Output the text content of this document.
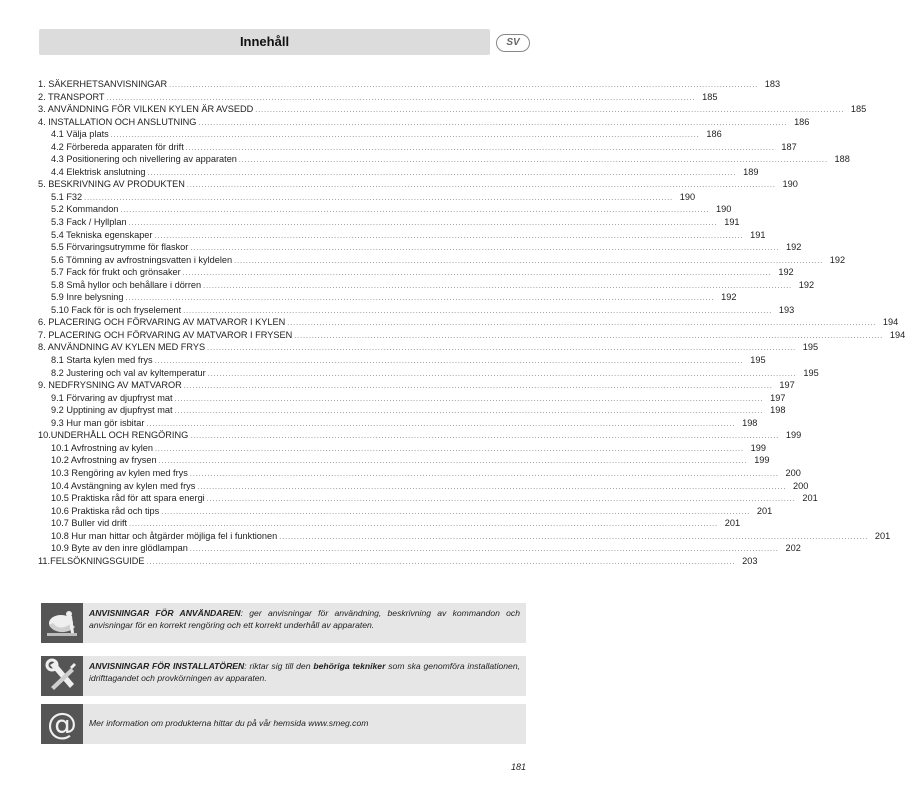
Innehåll	SV
1. SÄKERHETSANVISNINGAR ........................................................................................................................................................................................................ 183
2. TRANSPORT ........................................................................................................................................................................................................ 185
3. ANVÄNDNING FÖR VILKEN KYLEN ÄR AVSEDD ........................................................................................................................................................................................................ 185
4. INSTALLATION OCH ANSLUTNING ........................................................................................................................................................................................................ 186
4.1 Välja plats ........................................................................................................................................................................................................ 186
4.2 Förbereda apparaten för drift ........................................................................................................................................................................................................ 187
4.3 Positionering och nivellering av apparaten ........................................................................................................................................................................................................ 188
4.4 Elektrisk anslutning ........................................................................................................................................................................................................ 189
5. BESKRIVNING AV PRODUKTEN ........................................................................................................................................................................................................ 190
5.1 F32 ........................................................................................................................................................................................................ 190
5.2 Kommandon ........................................................................................................................................................................................................ 190
5.3 Fack / Hyllplan ........................................................................................................................................................................................................ 191
5.4 Tekniska egenskaper ........................................................................................................................................................................................................ 191
5.5 Förvaringsutrymme för flaskor ........................................................................................................................................................................................................ 192
5.6 Tömning av avfrostningsvatten i kyldelen ........................................................................................................................................................................................................ 192
5.7 Fack för frukt och grönsaker ........................................................................................................................................................................................................ 192
5.8 Små hyllor och behållare i dörren ........................................................................................................................................................................................................ 192
5.9 Inre belysning ........................................................................................................................................................................................................ 192
5.10 Fack för is och fryselement ........................................................................................................................................................................................................ 193
6. PLACERING OCH FÖRVARING AV MATVAROR I KYLEN ........................................................................................................................................................................................................ 194
7. PLACERING OCH FÖRVARING AV MATVAROR I FRYSEN ........................................................................................................................................................................................................ 194
8. ANVÄNDNING AV KYLEN MED FRYS ........................................................................................................................................................................................................ 195
8.1 Starta kylen med frys ........................................................................................................................................................................................................ 195
8.2 Justering och val av kyltemperatur ........................................................................................................................................................................................................ 195
9. NEDFRYSNING AV MATVAROR ........................................................................................................................................................................................................ 197
9.1 Förvaring av djupfryst mat ........................................................................................................................................................................................................ 197
9.2 Upptining av djupfryst mat ........................................................................................................................................................................................................ 198
9.3 Hur man gör isbitar ........................................................................................................................................................................................................ 198
10.UNDERHÅLL OCH RENGÖRING ........................................................................................................................................................................................................ 199
10.1 Avfrostning av kylen ........................................................................................................................................................................................................ 199
10.2 Avfrostning av frysen ........................................................................................................................................................................................................ 199
10.3 Rengöring av kylen med frys ........................................................................................................................................................................................................ 200
10.4 Avstängning av kylen med frys ........................................................................................................................................................................................................ 200
10.5 Praktiska råd för att spara energi ........................................................................................................................................................................................................ 201
10.6 Praktiska råd och tips ........................................................................................................................................................................................................ 201
10.7 Buller vid drift ........................................................................................................................................................................................................ 201
10.8 Hur man hittar och åtgärder möjliga fel i funktionen ........................................................................................................................................................................................................ 201
10.9 Byte av den inre glödlampan ........................................................................................................................................................................................................ 202
11.FELSÖKNINGSGUIDE ........................................................................................................................................................................................................ 203
ANVISNINGAR FÖR ANVÄNDAREN: ger anvisningar för användning, beskrivning av kommandon och anvisningar för en korrekt rengöring och ett korrekt underhåll av apparaten.
ANVISNINGAR FÖR INSTALLATÖREN: riktar sig till den behöriga tekniker som ska genomföra installationen, idrifttagandet och provkörningen av apparaten.
@ Mer information om produkterna hittar du på vår hemsida www.smeg.com
181
